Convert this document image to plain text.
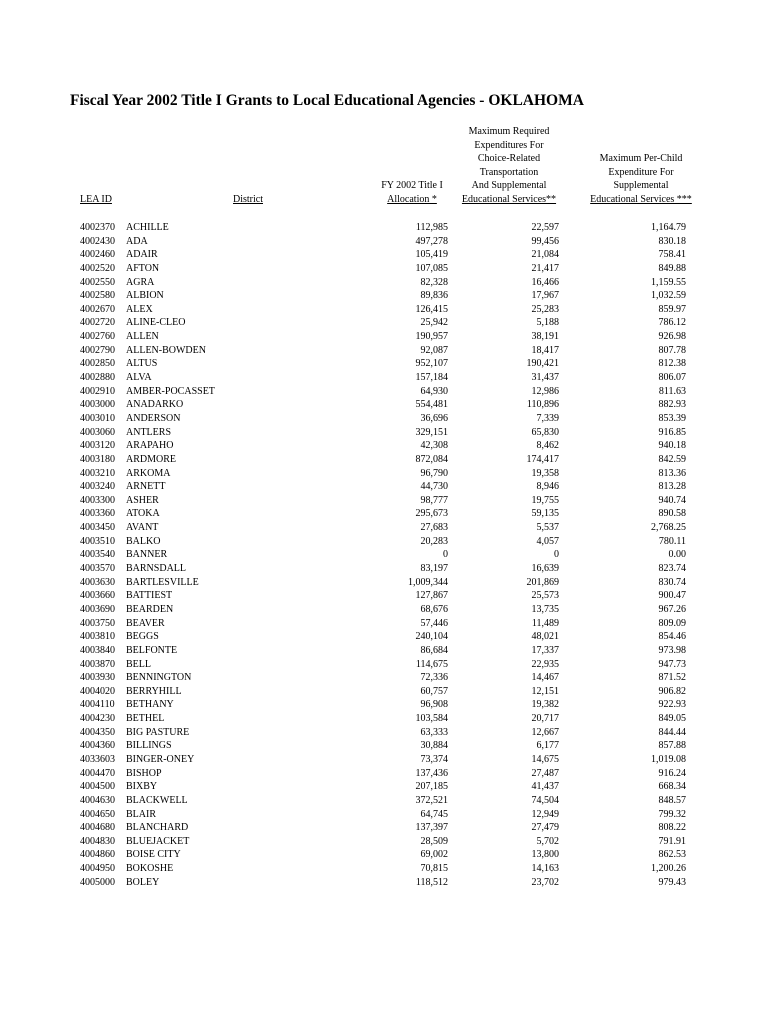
Fiscal Year 2002 Title I Grants to Local Educational Agencies - OKLAHOMA
LEA ID	District
FY 2002 Title I
Allocation *
Maximum Required
Expenditures For
Choice-Related
Transportation
And Supplemental
Educational Services**
Maximum Per-Child
Expenditure For
Supplemental
Educational Services ***
4002370 ACHILLE	112,985	22,597	1,164.79
4002430 ADA	497,278	99,456	830.18
4002460 ADAIR	105,419	21,084	758.41
4002520 AFTON	107,085	21,417	849.88
4002550 AGRA	82,328	16,466	1,159.55
4002580 ALBION	89,836	17,967	1,032.59
4002670 ALEX	126,415	25,283	859.97
4002720 ALINE-CLEO	25,942	5,188	786.12
4002760 ALLEN	190,957	38,191	926.98
4002790 ALLEN-BOWDEN	92,087	18,417	807.78
4002850 ALTUS	952,107	190,421	812.38
4002880 ALVA	157,184	31,437	806.07
4002910 AMBER-POCASSET	64,930	12,986	811.63
4003000 ANADARKO	554,481	110,896	882.93
4003010 ANDERSON	36,696	7,339	853.39
4003060 ANTLERS	329,151	65,830	916.85
4003120 ARAPAHO	42,308	8,462	940.18
4003180 ARDMORE	872,084	174,417	842.59
4003210 ARKOMA	96,790	19,358	813.36
4003240 ARNETT	44,730	8,946	813.28
4003300 ASHER	98,777	19,755	940.74
4003360 ATOKA	295,673	59,135	890.58
4003450 AVANT	27,683	5,537	2,768.25
4003510 BALKO	20,283	4,057	780.11
4003540 BANNER	0	0	0.00
4003570 BARNSDALL	83,197	16,639	823.74
4003630 BARTLESVILLE	1,009,344	201,869	830.74
4003660 BATTIEST	127,867	25,573	900.47
4003690 BEARDEN	68,676	13,735	967.26
4003750 BEAVER	57,446	11,489	809.09
4003810 BEGGS	240,104	48,021	854.46
4003840 BELFONTE	86,684	17,337	973.98
4003870 BELL	114,675	22,935	947.73
4003930 BENNINGTON	72,336	14,467	871.52
4004020 BERRYHILL	60,757	12,151	906.82
4004110 BETHANY	96,908	19,382	922.93
4004230 BETHEL	103,584	20,717	849.05
4004350 BIG PASTURE	63,333	12,667	844.44
4004360 BILLINGS	30,884	6,177	857.88
4033603 BINGER-ONEY	73,374	14,675	1,019.08
4004470 BISHOP	137,436	27,487	916.24
4004500 BIXBY	207,185	41,437	668.34
4004630 BLACKWELL	372,521	74,504	848.57
4004650 BLAIR	64,745	12,949	799.32
4004680 BLANCHARD	137,397	27,479	808.22
4004830 BLUEJACKET	28,509	5,702	791.91
4004860 BOISE CITY	69,002	13,800	862.53
4004950 BOKOSHE	70,815	14,163	1,200.26
4005000 BOLEY	118,512	23,702	979.43
